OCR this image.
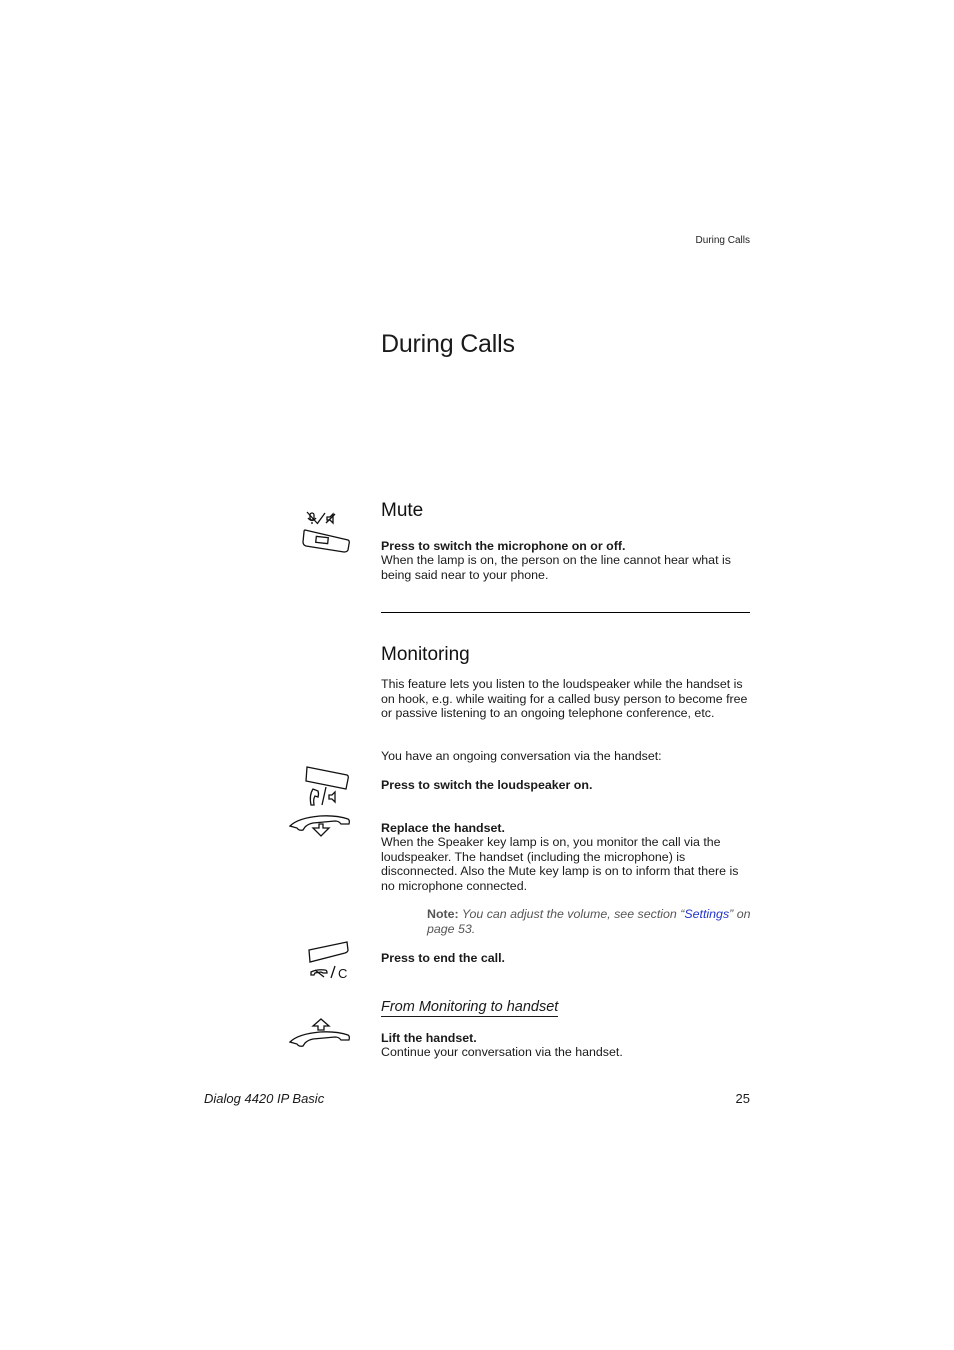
During Calls
During Calls
Mute
Press to switch the microphone on or off.
When the lamp is on, the person on the line cannot hear what is being said near to your phone.
Monitoring
This feature lets you listen to the loudspeaker while the handset is on hook, e.g. while waiting for a called busy person to become free or passive listening to an ongoing telephone conference, etc.
You have an ongoing conversation via the handset:
Press to switch the loudspeaker on.
Replace the handset.
When the Speaker key lamp is on, you monitor the call via the loudspeaker. The handset (including the microphone) is disconnected. Also the Mute key lamp is on to inform that there is no microphone connected.
Note: You can adjust the volume, see section “Settings” on page 53.
C
Press to end the call.
From Monitoring to handset
Lift the handset.
Continue your conversation via the handset.
Dialog 4420 IP Basic	25
